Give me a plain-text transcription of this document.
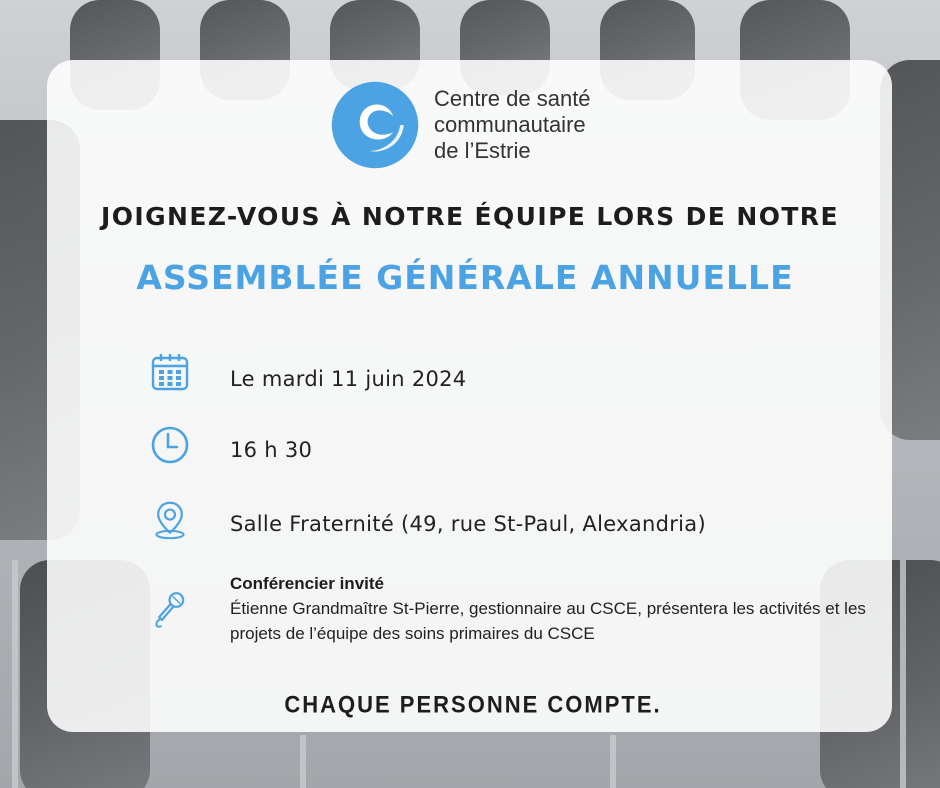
Centre de santé
communautaire
de l’Estrie
JOIGNEZ-VOUS À NOTRE ÉQUIPE LORS DE NOTRE
ASSEMBLÉE GÉNÉRALE ANNUELLE
Le mardi 11 juin 2024
16 h 30
Salle Fraternité (49, rue St-Paul, Alexandria)
Conférencier invité
Étienne Grandmaître St-Pierre, gestionnaire au CSCE, présentera les activités et les projets de l’équipe des soins primaires du CSCE
CHAQUE PERSONNE COMPTE.
